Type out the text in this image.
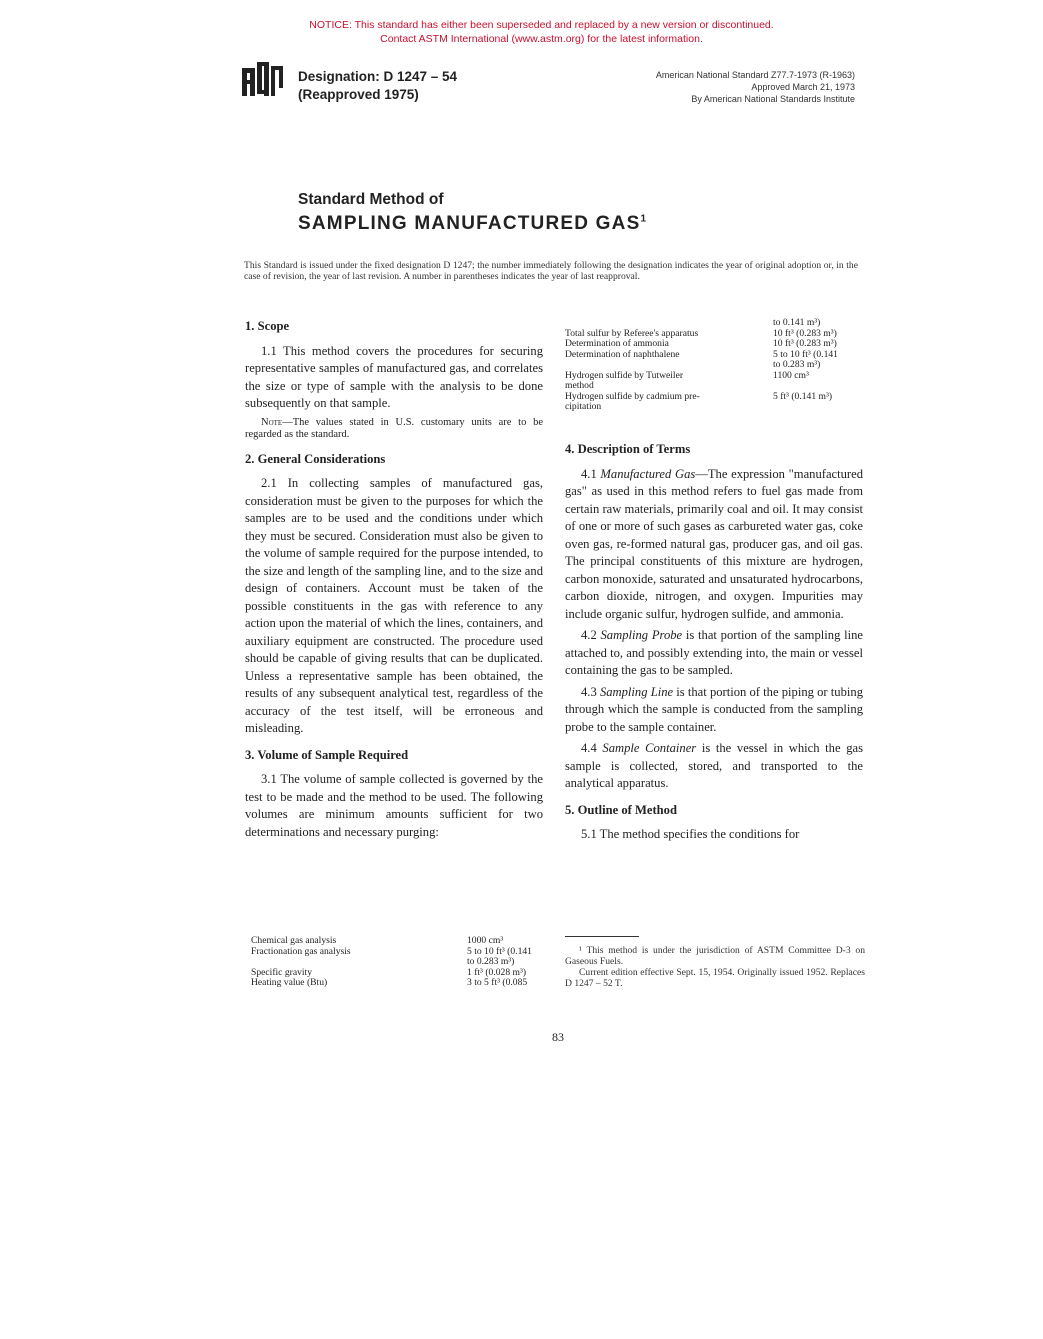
NOTICE: This standard has either been superseded and replaced by a new version or discontinued.
Contact ASTM International (www.astm.org) for the latest information.
Designation: D 1247 – 54
(Reapproved 1975)
American National Standard Z77.7-1973 (R-1963)
Approved March 21, 1973
By American National Standards Institute
Standard Method of
SAMPLING MANUFACTURED GAS$^1$
This Standard is issued under the fixed designation D 1247; the number immediately following the designation indicates the year of original adoption or, in the case of revision, the year of last revision. A number in parentheses indicates the year of last reapproval.
1. Scope

1.1 This method covers the procedures for securing representative samples of manufactured gas, and correlates the size or type of sample with the analysis to be done subsequently on that sample.

Note—The values stated in U.S. customary units are to be regarded as the standard.

2. General Considerations

2.1 In collecting samples of manufactured gas, consideration must be given to the purposes for which the samples are to be used and the conditions under which they must be secured. Consideration must also be given to the volume of sample required for the purpose intended, to the size and length of the sampling line, and to the size and design of containers. Account must be taken of the possible constituents in the gas with reference to any action upon the material of which the lines, containers, and auxiliary equipment are constructed. The procedure used should be capable of giving results that can be duplicated. Unless a representative sample has been obtained, the results of any subsequent analytical test, regardless of the accuracy of the test itself, will be erroneous and misleading.

3. Volume of Sample Required

3.1 The volume of sample collected is governed by the test to be made and the method to be used. The following volumes are minimum amounts sufficient for two determinations and necessary purging:

Chemical gas analysis	1000 cm³
Fractionation gas analysis	5 to 10 ft³ (0.141
to 0.283 m³)
Specific gravity	1 ft³ (0.028 m³)
Heating value (Btu)	3 to 5 ft³ (0.085
	to 0.141 m³)
Total sulfur by Referee's apparatus	10 ft³ (0.283 m³)
Determination of ammonia	10 ft³ (0.283 m³)
Determination of naphthalene	5 to 10 ft³ (0.141
to 0.283 m³)
Hydrogen sulfide by Tutweiler
method	1100 cm³
Hydrogen sulfide by cadmium pre-
cipitation	5 ft³ (0.141 m³)
4. Description of Terms

4.1 Manufactured Gas—The expression "manufactured gas" as used in this method refers to fuel gas made from certain raw materials, primarily coal and oil. It may consist of one or more of such gases as carbureted water gas, coke oven gas, re-formed natural gas, producer gas, and oil gas. The principal constituents of this mixture are hydrogen, carbon monoxide, saturated and unsaturated hydrocarbons, carbon dioxide, nitrogen, and oxygen. Impurities may include organic sulfur, hydrogen sulfide, and ammonia.

4.2 Sampling Probe is that portion of the sampling line attached to, and possibly extending into, the main or vessel containing the gas to be sampled.

4.3 Sampling Line is that portion of the piping or tubing through which the sample is conducted from the sampling probe to the sample container.

4.4 Sample Container is the vessel in which the gas sample is collected, stored, and transported to the analytical apparatus.

5. Outline of Method

5.1 The method specifies the conditions for

¹ This method is under the jurisdiction of ASTM Committee D-3 on Gaseous Fuels.

Current edition effective Sept. 15, 1954. Originally issued 1952. Replaces D 1247 – 52 T.

83
